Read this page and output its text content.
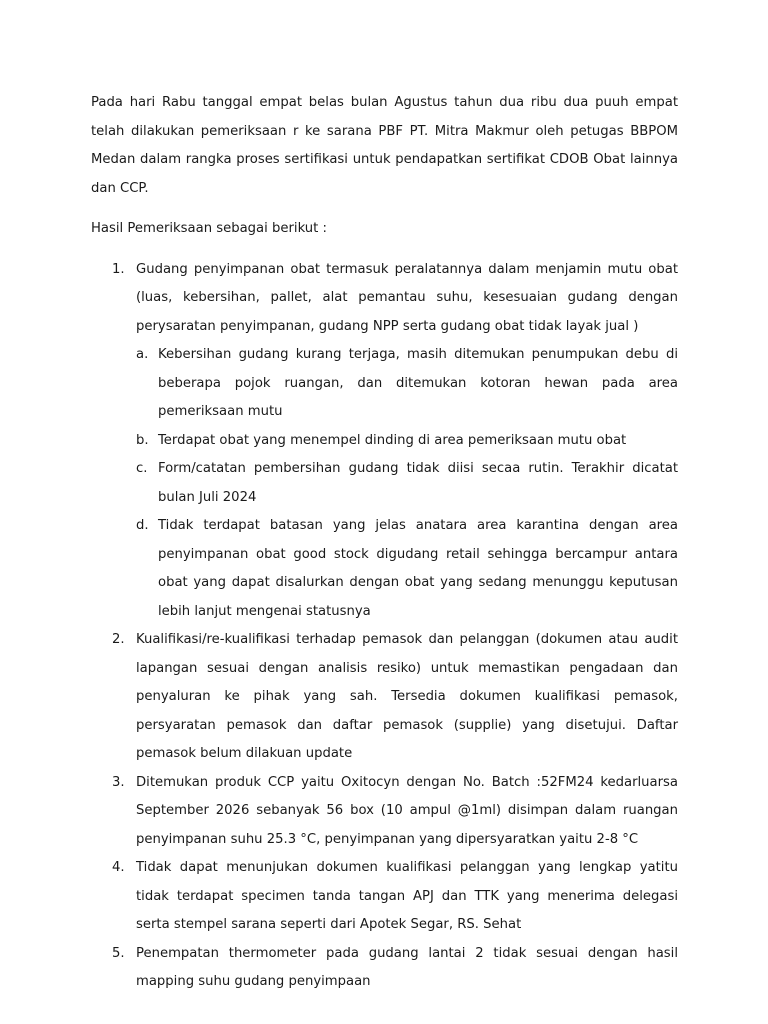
Pada hari Rabu tanggal empat belas bulan Agustus tahun dua ribu dua puuh empat telah dilakukan pemeriksaan r ke sarana PBF PT. Mitra Makmur oleh petugas BBPOM Medan dalam rangka proses sertifikasi untuk pendapatkan sertifikat CDOB Obat lainnya dan CCP.

Hasil Pemeriksaan sebagai berikut :

1. Gudang penyimpanan obat termasuk peralatannya dalam menjamin mutu obat (luas, kebersihan, pallet, alat pemantau suhu, kesesuaian gudang dengan perysaratan penyimpanan, gudang NPP serta gudang obat tidak layak jual )
a. Kebersihan gudang kurang terjaga, masih ditemukan penumpukan debu di beberapa pojok ruangan, dan ditemukan kotoran hewan pada area pemeriksaan mutu
b. Terdapat obat yang menempel dinding di area pemeriksaan mutu obat
c. Form/catatan pembersihan gudang tidak diisi secaa rutin. Terakhir dicatat bulan Juli 2024
d. Tidak terdapat batasan yang jelas anatara area karantina dengan area penyimpanan obat good stock digudang retail sehingga bercampur antara obat yang dapat disalurkan dengan obat yang sedang menunggu keputusan lebih lanjut mengenai statusnya
2. Kualifikasi/re-kualifikasi terhadap pemasok dan pelanggan (dokumen atau audit lapangan sesuai dengan analisis resiko) untuk memastikan pengadaan dan penyaluran ke pihak yang sah. Tersedia dokumen kualifikasi pemasok, persyaratan pemasok dan daftar pemasok (supplie) yang disetujui. Daftar pemasok belum dilakuan update
3. Ditemukan produk CCP yaitu Oxitocyn dengan No. Batch :52FM24 kedarluarsa September 2026 sebanyak 56 box (10 ampul @1ml) disimpan dalam ruangan penyimpanan suhu 25.3 °C, penyimpanan yang dipersyaratkan yaitu 2-8 °C
4. Tidak dapat menunjukan dokumen kualifikasi pelanggan yang lengkap yatitu tidak terdapat specimen tanda tangan APJ dan TTK yang menerima delegasi serta stempel sarana seperti dari Apotek Segar, RS. Sehat
5. Penempatan thermometer pada gudang lantai 2 tidak sesuai dengan hasil mapping suhu gudang penyimpaan
